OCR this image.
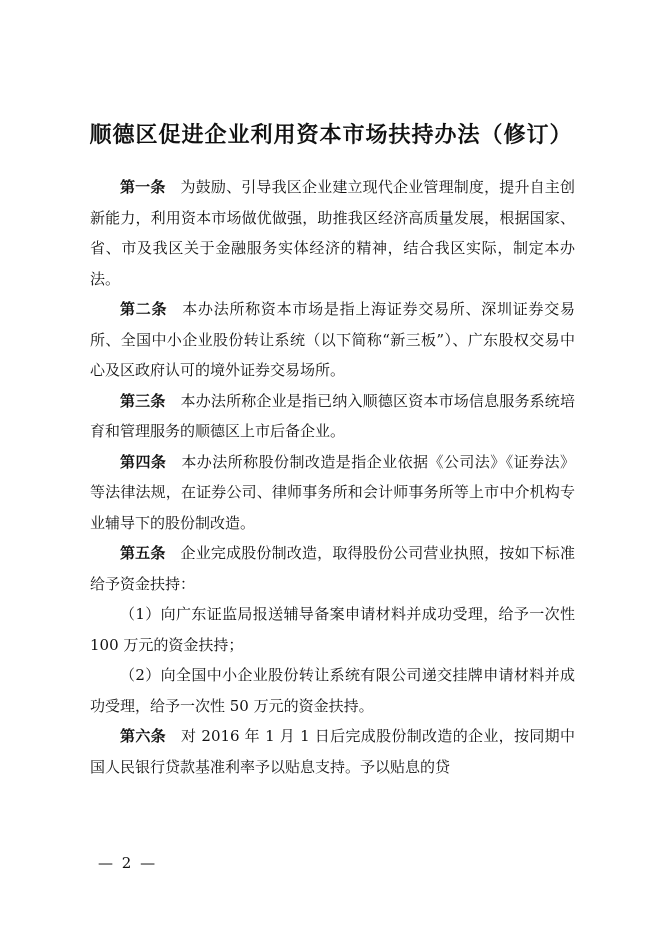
顺德区促进企业利用资本市场扶持办法（修订）

第一条 为鼓励、引导我区企业建立现代企业管理制度，提升自主创新能力，利用资本市场做优做强，助推我区经济高质量发展，根据国家、省、市及我区关于金融服务实体经济的精神，结合我区实际，制定本办法。

第二条 本办法所称资本市场是指上海证券交易所、深圳证券交易所、全国中小企业股份转让系统（以下简称“新三板”）、广东股权交易中心及区政府认可的境外证券交易场所。

第三条 本办法所称企业是指已纳入顺德区资本市场信息服务系统培育和管理服务的顺德区上市后备企业。

第四条 本办法所称股份制改造是指企业依据《公司法》《证券法》等法律法规，在证券公司、律师事务所和会计师事务所等上市中介机构专业辅导下的股份制改造。

第五条 企业完成股份制改造，取得股份公司营业执照，按如下标准给予资金扶持：

（1）向广东证监局报送辅导备案申请材料并成功受理，给予一次性 100 万元的资金扶持；

（2）向全国中小企业股份转让系统有限公司递交挂牌申请材料并成功受理，给予一次性 50 万元的资金扶持。

第六条 对 2016 年 1 月 1 日后完成股份制改造的企业，按同期中国人民银行贷款基准利率予以贴息支持。予以贴息的贷

— 2 —
